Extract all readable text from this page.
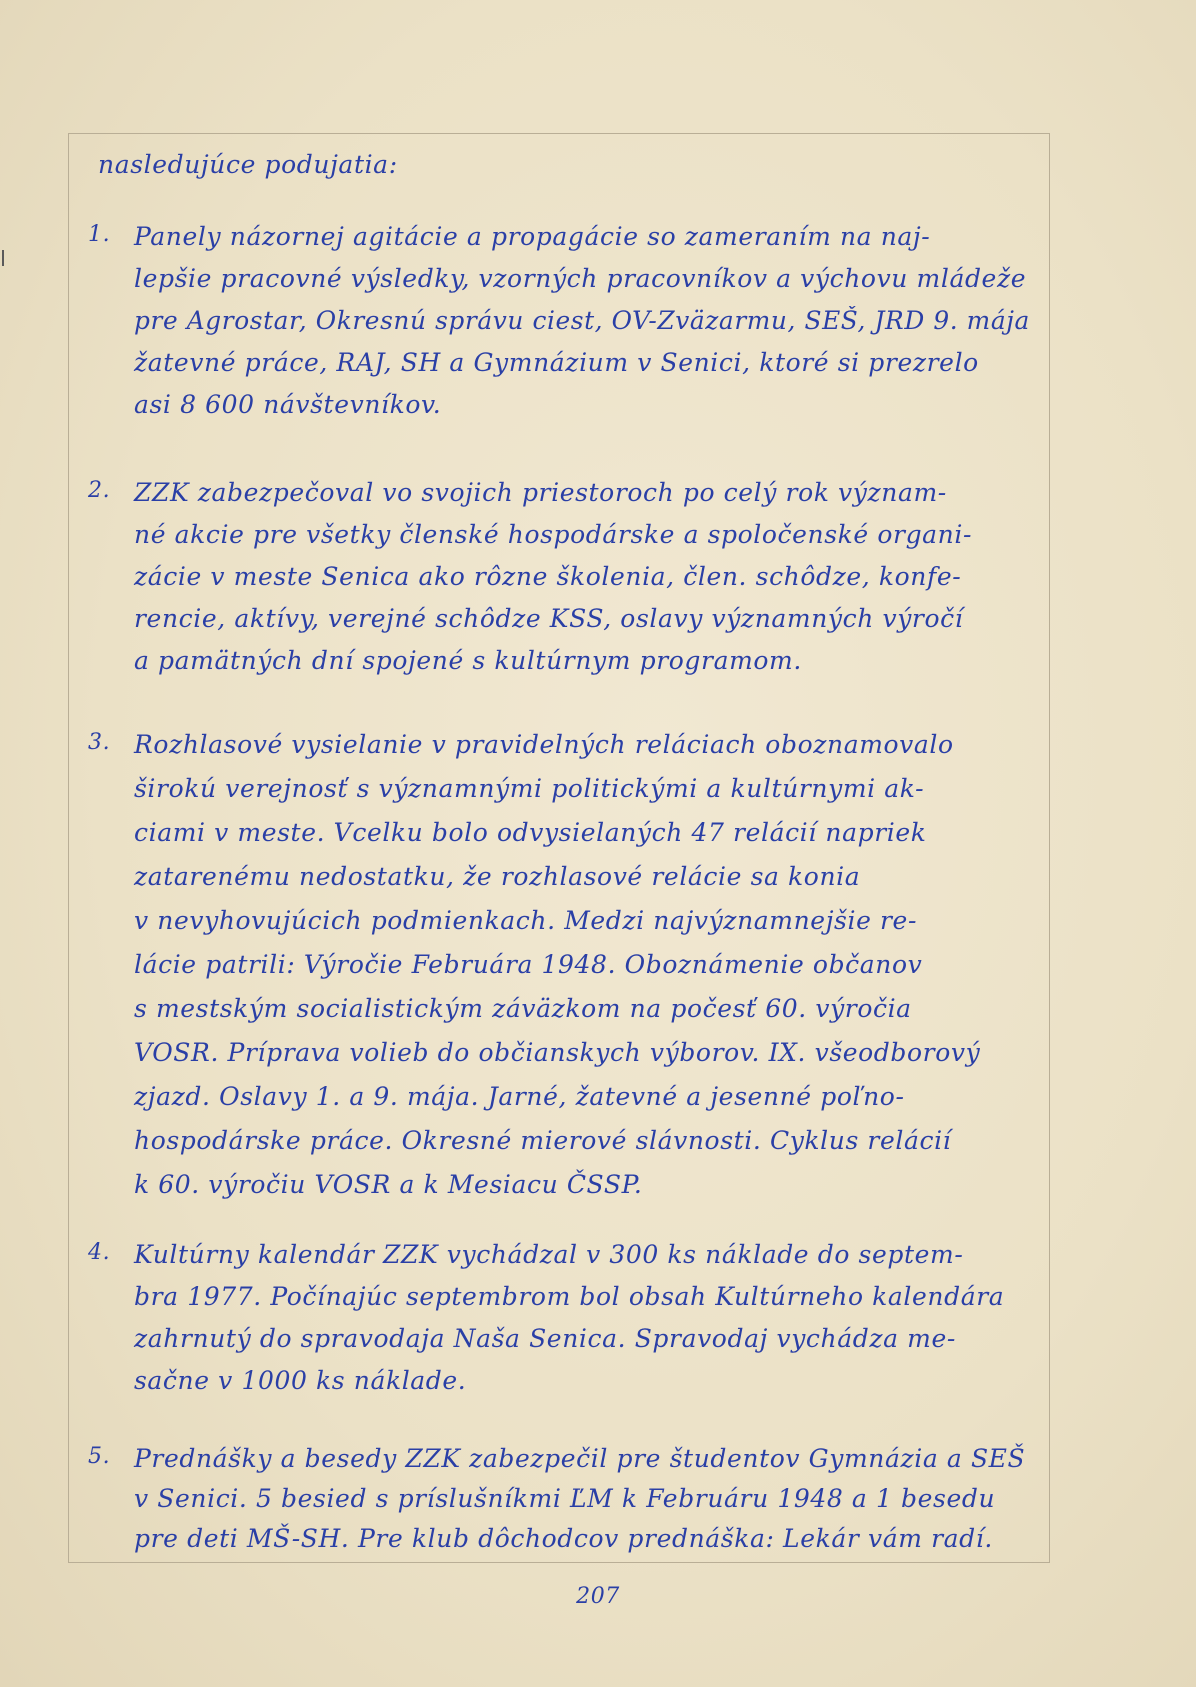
nasledujúce podujatia:
1. Panely názornej agitácie a propagácie so zameraním na naj-
lepšie pracovné výsledky, vzorných pracovníkov a výchovu mládeže
pre Agrostar, Okresnú správu ciest, OV-Zväzarmu, SEŠ, JRD 9. mája
žatevné práce, RAJ, SH a Gymnázium v Senici, ktoré si prezrelo
asi 8 600 návštevníkov.
2. ZZK zabezpečoval vo svojich priestoroch po celý rok význam-
né akcie pre všetky členské hospodárske a spoločenské organi-
zácie v meste Senica ako rôzne školenia, člen. schôdze, konfe-
rencie, aktívy, verejné schôdze KSS, oslavy významných výročí
a pamätných dní spojené s kultúrnym programom.
3. Rozhlasové vysielanie v pravidelných reláciach oboznamovalo
širokú verejnosť s významnými politickými a kultúrnymi ak-
ciami v meste. Vcelku bolo odvysielaných 47 relácií napriek
zatarenému nedostatku, že rozhlasové relácie sa konia
v nevyhovujúcich podmienkach. Medzi najvýznamnejšie re-
lácie patrili: Výročie Februára 1948. Oboznámenie občanov
s mestským socialistickým záväzkom na počesť 60. výročia
VOSR. Príprava volieb do občianskych výborov. IX. všeodborový
zjazd. Oslavy 1. a 9. mája. Jarné, žatevné a jesenné poľno-
hospodárske práce. Okresné mierové slávnosti. Cyklus relácií
k 60. výročiu VOSR a k Mesiacu ČSSP.
4. Kultúrny kalendár ZZK vychádzal v 300 ks náklade do septem-
bra 1977. Počínajúc septembrom bol obsah Kultúrneho kalendára
zahrnutý do spravodaja Naša Senica. Spravodaj vychádza me-
sačne v 1000 ks náklade.
5. Prednášky a besedy ZZK zabezpečil pre študentov Gymnázia a SEŠ
v Senici. 5 besied s príslušníkmi ĽM k Februáru 1948 a 1 besedu
pre deti MŠ-SH. Pre klub dôchodcov prednáška: Lekár vám radí.
207
